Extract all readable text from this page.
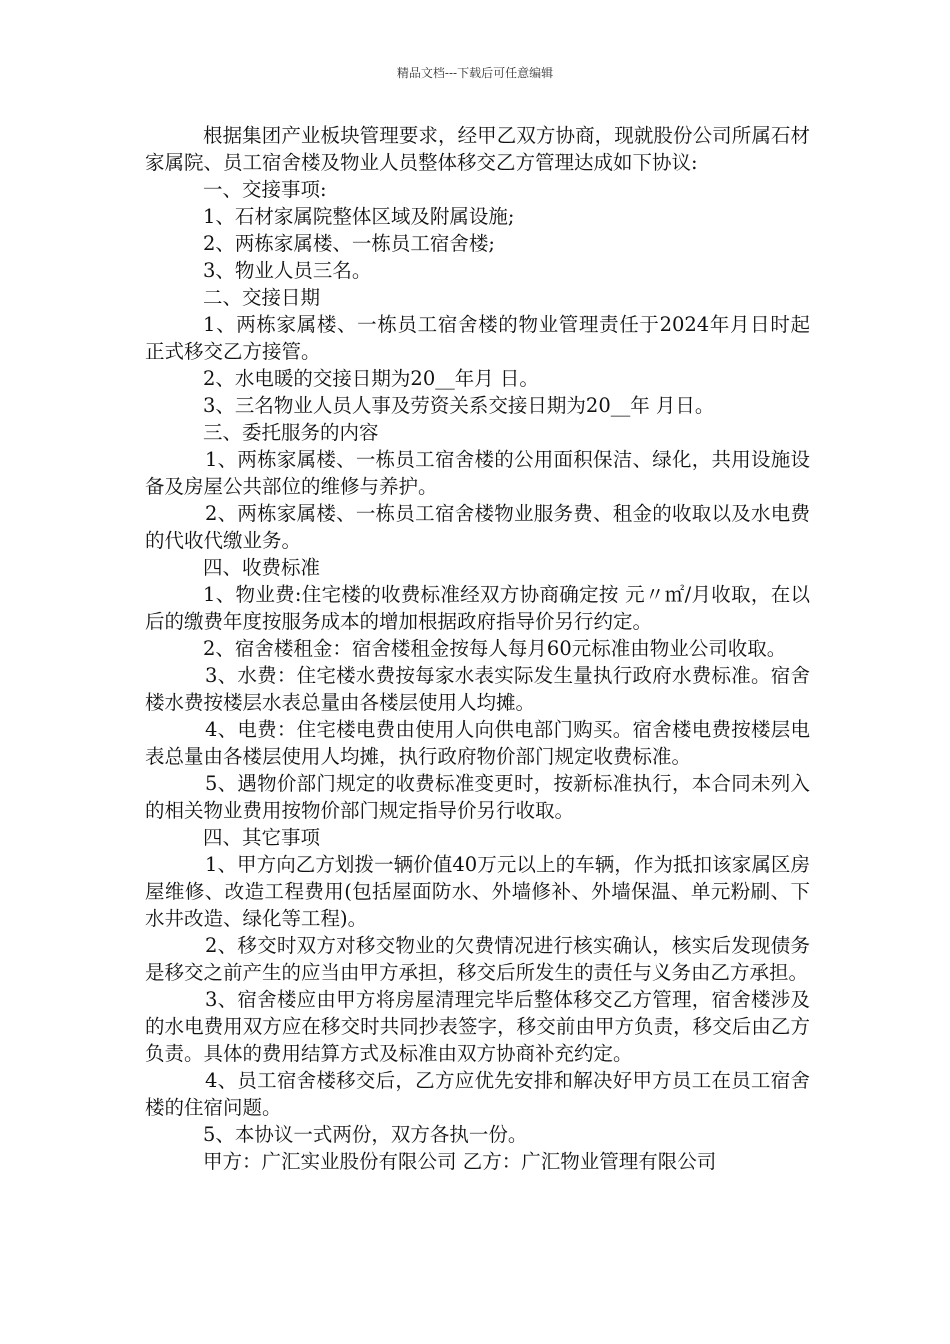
精品文档---下载后可任意编辑

根据集团产业板块管理要求，经甲乙双方协商，现就股份公司所属石材家属院、员工宿舍楼及物业人员整体移交乙方管理达成如下协议:

一、交接事项:

1、石材家属院整体区域及附属设施;

2、两栋家属楼、一栋员工宿舍楼;

3、物业人员三名。

二、交接日期

1、两栋家属楼、一栋员工宿舍楼的物业管理责任于2024年月日时起正式移交乙方接管。

2、水电暖的交接日期为20__年月 日。

3、三名物业人员人事及劳资关系交接日期为20__年 月日。

三、委托服务的内容

1、两栋家属楼、一栋员工宿舍楼的公用面积保洁、绿化，共用设施设备及房屋公共部位的维修与养护。

2、两栋家属楼、一栋员工宿舍楼物业服务费、租金的收取以及水电费的代收代缴业务。

四、收费标准

1、物业费:住宅楼的收费标准经双方协商确定按 元〃㎡/月收取，在以后的缴费年度按服务成本的增加根据政府指导价另行约定。

2、宿舍楼租金：宿舍楼租金按每人每月60元标准由物业公司收取。

3、水费：住宅楼水费按每家水表实际发生量执行政府水费标准。宿舍楼水费按楼层水表总量由各楼层使用人均摊。

4、电费：住宅楼电费由使用人向供电部门购买。宿舍楼电费按楼层电表总量由各楼层使用人均摊，执行政府物价部门规定收费标准。

5、遇物价部门规定的收费标准变更时，按新标准执行，本合同未列入的相关物业费用按物价部门规定指导价另行收取。

四、其它事项

1、甲方向乙方划拨一辆价值40万元以上的车辆，作为抵扣该家属区房屋维修、改造工程费用(包括屋面防水、外墙修补、外墙保温、单元粉刷、下水井改造、绿化等工程)。

2、移交时双方对移交物业的欠费情况进行核实确认，核实后发现债务是移交之前产生的应当由甲方承担，移交后所发生的责任与义务由乙方承担。

3、宿舍楼应由甲方将房屋清理完毕后整体移交乙方管理，宿舍楼涉及的水电费用双方应在移交时共同抄表签字，移交前由甲方负责，移交后由乙方负责。具体的费用结算方式及标准由双方协商补充约定。

4、员工宿舍楼移交后，乙方应优先安排和解决好甲方员工在员工宿舍楼的住宿问题。

5、本协议一式两份，双方各执一份。

甲方：广汇实业股份有限公司 乙方：广汇物业管理有限公司
